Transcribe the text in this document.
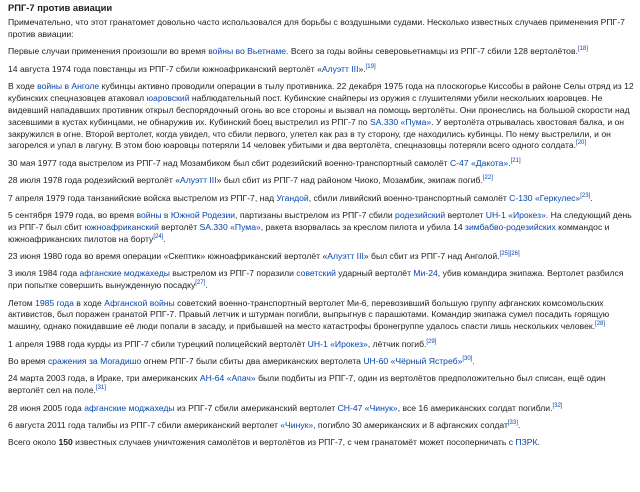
РПГ-7 против авиации

Примечательно, что этот гранатомет довольно часто использовался для борьбы с воздушными судами. Несколько известных случаев применения РПГ-7 против авиации:

Первые случаи применения произошли во время войны во Вьетнаме. Всего за годы войны северовьетнамцы из РПГ-7 сбили 128 вертолётов.[18]

14 августа 1974 года повстанцы из РПГ-7 сбили южноафриканский вертолёт «Алуэтт III».[19]

В ходе войны в Анголе кубинцы активно проводили операции в тылу противника. 22 декабря 1975 года на плоскогорье Киссобы в районе Селы отряд из 12 кубинских спецназовцев атаковал юаровский наблюдательный пост. Кубинские снайперы из оружия с глушителями убили нескольких юаровцев. Не видевший нападавших противник открыл беспорядочный огонь во все стороны и вызвал на помощь вертолёты. Они пронеслись на большой скорости над засевшими в кустах кубинцами, не обнаружив их. Кубинский боец выстрелил из РПГ-7 по SA.330 «Пума». У вертолёта отрывалась хвостовая балка, и он закружился в огне. Второй вертолет, когда увидел, что сбили первого, улетел как раз в ту сторону, где находились кубинцы. По нему выстрелили, и он загорелся и упал в лагуну. В этом бою юаровцы потеряли 14 человек убитыми и два вертолёта, спецназовцы потеряли всего одного солдата.[20]

30 мая 1977 года выстрелом из РПГ-7 над Мозамбиком был сбит родезийский военно-транспортный самолёт С-47 «Дакота».[21]

28 июля 1978 года родезийский вертолёт «Алуэтт III» был сбит из РПГ-7 над районом Чиоко, Мозамбик, экипаж погиб.[22]

7 апреля 1979 года танзанийские войска выстрелом из РПГ-7, над Угандой, сбили ливийский военно-транспортный самолёт С-130 «Геркулес»[23].

5 сентября 1979 года, во время войны в Южной Родезии, партизаны выстрелом из РПГ-7 сбили родезийский вертолет UH-1 «Ирокез». На следующий день из РПГ-7 был сбит южноафриканский вертолёт SA.330 «Пума», ракета взорвалась за креслом пилота и убила 14 зимбабво-родезийских коммандос и южноафриканских пилотов на борту[24].

23 июня 1980 года во время операции «Скептик» южноафриканский вертолёт «Алуэтт III» был сбит из РПГ-7 над Анголой.[25][26]

3 июля 1984 года афганские моджахеды выстрелом из РПГ-7 поразили советский ударный вертолёт Ми-24, убив командира экипажа. Вертолет разбился при попытке совершить вынужденную посадку[27].

Летом 1985 года в ходе Афганской войны советский военно-транспортный вертолет Ми-6, перевозивший большую группу афганских комсомольских активистов, был поражен гранатой РПГ-7. Правый летчик и штурман погибли, выпрыгнув с парашютами. Командир экипажа сумел посадить горящую машину, однако покидавшие её люди попали в засаду, и прибывшей на место катастрофы бронегруппе удалось спасти лишь нескольких человек.[28]

1 апреля 1988 года курды из РПГ-7 сбили турецкий полицейский вертолёт UH-1 «Ирокез», лётчик погиб.[29]

Во время сражения за Могадишо огнем РПГ-7 были сбиты два американских вертолета UH-60 «Чёрный Ястреб»[30].

24 марта 2003 года, в Ираке, три американских АН-64 «Апач» были подбиты из РПГ-7, один из вертолётов предположительно был списан, ещё один вертолёт сел на поле.[31]

28 июня 2005 года афганские моджахеды из РПГ-7 сбили американский вертолет СН-47 «Чинук», все 16 американских солдат погибли.[32]

6 августа 2011 года талибы из РПГ-7 сбили американский вертолет «Чинук», погибло 30 американских и 8 афганских солдат[33].

Всего около 150 известных случаев уничтожения самолётов и вертолётов из РПГ-7, с чем гранатомёт может посоперничать с ПЗРК.
